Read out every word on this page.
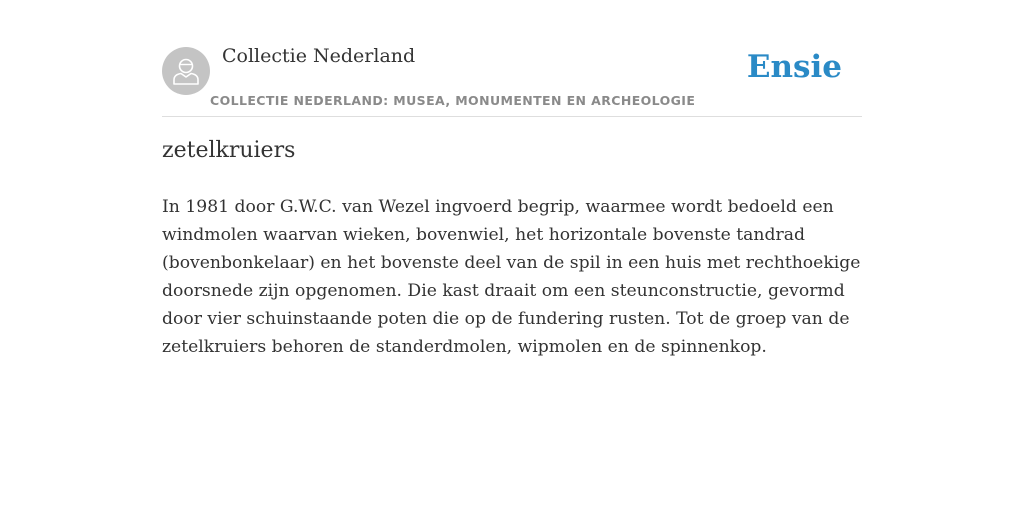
Collectie Nederland
COLLECTIE NEDERLAND: MUSEA, MONUMENTEN EN ARCHEOLOGIE
Ensie
zetelkruiers

In 1981 door G.W.C. van Wezel ingvoerd begrip, waarmee wordt bedoeld een windmolen waarvan wieken, bovenwiel, het horizontale bovenste tandrad (bovenbonkelaar) en het bovenste deel van de spil in een huis met rechthoekige doorsnede zijn opgenomen. Die kast draait om een steunconstructie, gevormd door vier schuinstaande poten die op de fundering rusten. Tot de groep van de zetelkruiers behoren de standerdmolen, wipmolen en de spinnenkop.
